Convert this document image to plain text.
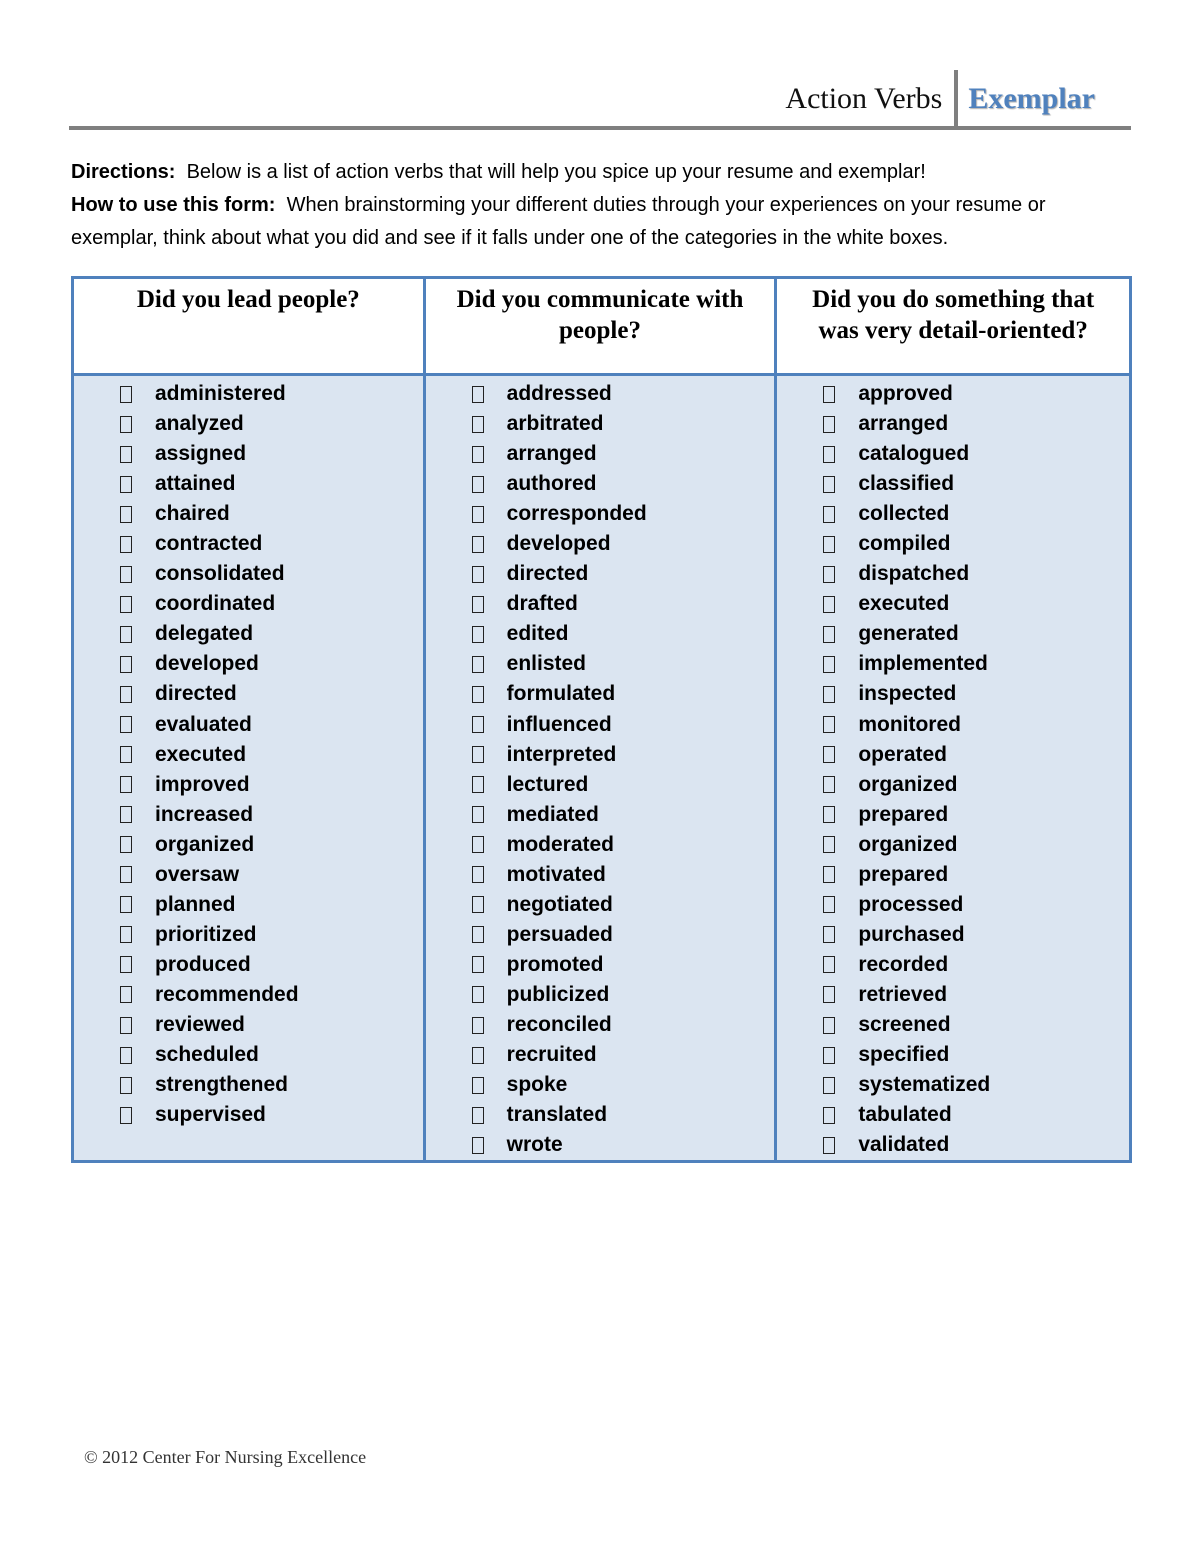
Action Verbs Exemplar
Directions: Below is a list of action verbs that will help you spice up your resume and exemplar!
How to use this form: When brainstorming your different duties through your experiences on your resume or exemplar, think about what you did and see if it falls under one of the categories in the white boxes.
Did you lead people?	Did you communicate with people?
Did you do something that was very detail-oriented?
administered
analyzed
assigned
attained
chaired
contracted
consolidated
coordinated
delegated
developed
directed
evaluated
executed
improved
increased
organized
oversaw
planned
prioritized
produced
recommended
reviewed
scheduled
strengthened
supervised
addressed
arbitrated
arranged
authored
corresponded
developed
directed
drafted
edited
enlisted
formulated
influenced
interpreted
lectured
mediated
moderated
motivated
negotiated
persuaded
promoted
publicized
reconciled
recruited
spoke
translated
wrote
approved
arranged
catalogued
classified
collected
compiled
dispatched
executed
generated
implemented
inspected
monitored
operated
organized
prepared
organized
prepared
processed
purchased
recorded
retrieved
screened
specified
systematized
tabulated
validated
© 2012 Center For Nursing Excellence
